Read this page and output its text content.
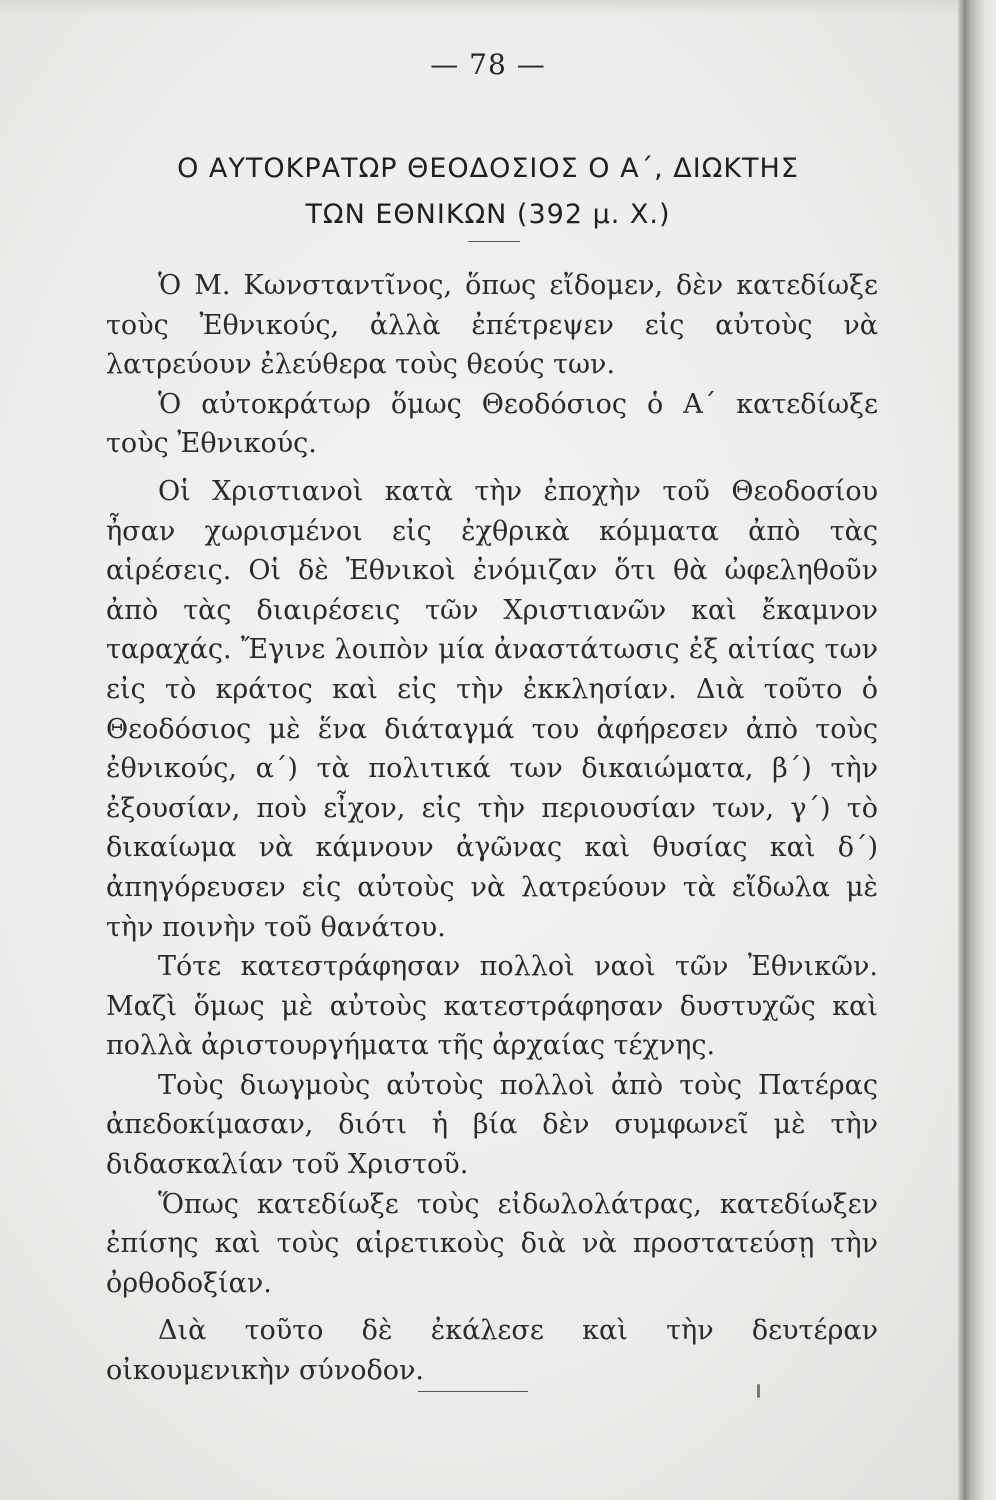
— 78 —
Ο ΑΥΤΟΚΡΑΤΩΡ ΘΕΟΔΟΣΙΟΣ Ο Α΄, ΔΙΩΚΤΗΣ
ΤΩΝ ΕΘΝΙΚΩΝ (392 μ. Χ.)

Ὁ Μ. Κωνσταντῖνος, ὅπως εἴδομεν, δὲν κατεδίωξε τοὺς Ἐθνικούς, ἀλλὰ ἐπέτρεψεν εἰς αὐτοὺς νὰ λατρεύουν ἐλεύθερα τοὺς θεούς των.

Ὁ αὐτοκράτωρ ὅμως Θεοδόσιος ὁ Α΄ κατεδίωξε τοὺς Ἐθνικούς.

Οἱ Χριστιανοὶ κατὰ τὴν ἐποχὴν τοῦ Θεοδοσίου ἦσαν χωρισμένοι εἰς ἐχθρικὰ κόμματα ἀπὸ τὰς αἱρέσεις. Οἱ δὲ Ἐθνικοὶ ἐνόμιζαν ὅτι θὰ ὠφεληθοῦν ἀπὸ τὰς διαιρέσεις τῶν Χριστιανῶν καὶ ἔκαμνον ταραχάς. Ἔγινε λοιπὸν μία ἀναστάτωσις ἐξ αἰτίας των εἰς τὸ κράτος καὶ εἰς τὴν ἐκκλησίαν. Διὰ τοῦτο ὁ Θεοδόσιος μὲ ἕνα διάταγμά του ἀφήρεσεν ἀπὸ τοὺς ἐθνικούς, α΄) τὰ πολιτικά των δικαιώματα, β΄) τὴν ἐξουσίαν, ποὺ εἶχον, εἰς τὴν περιουσίαν των, γ΄) τὸ δικαίωμα νὰ κάμνουν ἀγῶνας καὶ θυσίας καὶ δ΄) ἀπηγόρευσεν εἰς αὐτοὺς νὰ λατρεύουν τὰ εἴδωλα μὲ τὴν ποινὴν τοῦ θανάτου.

Τότε κατεστράφησαν πολλοὶ ναοὶ τῶν Ἐθνικῶν. Μαζὶ ὅμως μὲ αὐτοὺς κατεστράφησαν δυστυχῶς καὶ πολλὰ ἀριστουργήματα τῆς ἀρχαίας τέχνης.

Τοὺς διωγμοὺς αὐτοὺς πολλοὶ ἀπὸ τοὺς Πατέρας ἀπεδοκίμασαν, διότι ἡ βία δὲν συμφωνεῖ μὲ τὴν διδασκαλίαν τοῦ Χριστοῦ.

Ὅπως κατεδίωξε τοὺς εἰδωλολάτρας, κατεδίωξεν ἐπίσης καὶ τοὺς αἱρετικοὺς διὰ νὰ προστατεύσῃ τὴν ὀρθοδοξίαν.

Διὰ τοῦτο δὲ ἐκάλεσε καὶ τὴν δευτέραν οἰκουμενικὴν σύνοδον.
